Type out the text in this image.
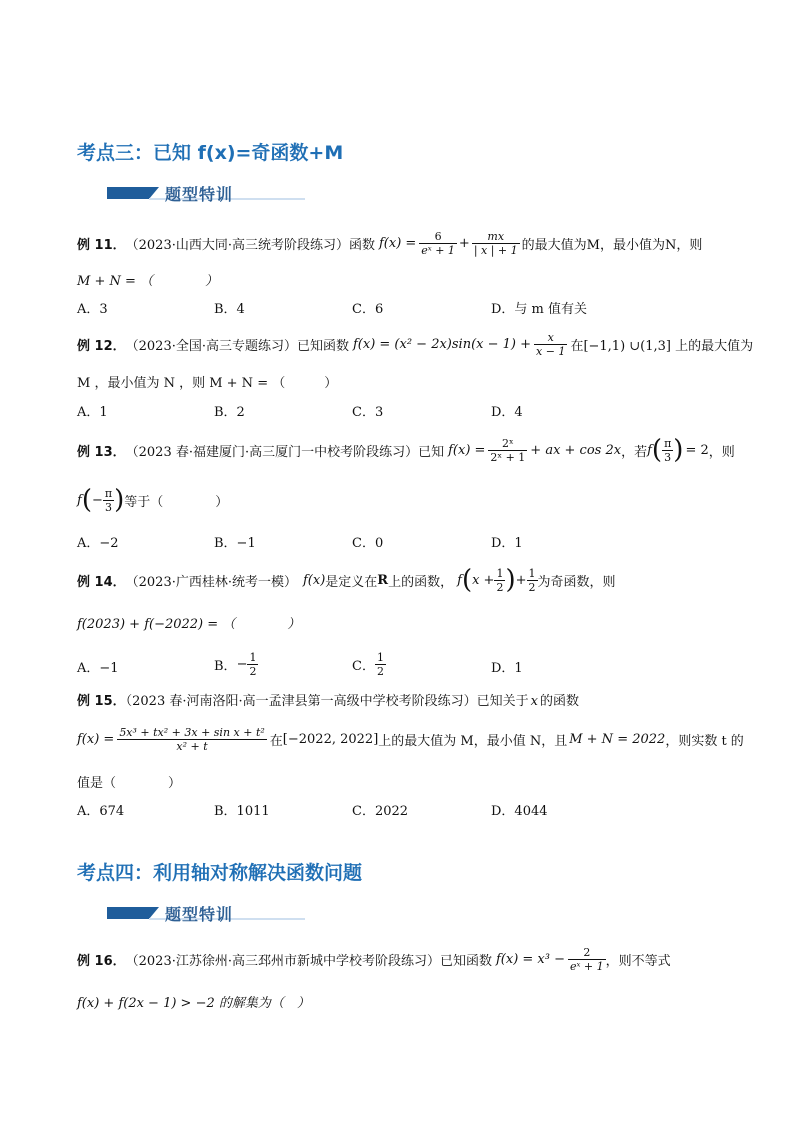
考点三：已知 f(x)=奇函数+M
题型特训
例 11． （2023·山西大同·高三统考阶段练习）函数 $f(x) = \frac{6}{\text{eˣ + 1}} + \frac{mx}{| x | + 1}$ 的最大值为M，最小值为N，则
M + N = （　　　　）
A．3	B．4	C．6	D．与 m 值有关
例 12． （2023·全国·高三专题练习）已知函数 $f(x) = (x^2 - 2x)\sin(x - 1) + \frac{x}{x - 1}$ 在[−1,1) ∪(1,3] 上的最大值为
M ，最小值为 N ，则 M + N = （　　　）
A．1	B．2	C．3	D．4
例 13． （2023 春·福建厦门·高三厦门一中校考阶段练习）已知 $f(x) = \frac{\text{2ˣ}}{\text{2ˣ + 1}}$ + ax + cos 2x ，若 f ( $\frac{\pi}{3}$ ) = 2 ，则
f ( − $\frac{\pi}{3}$ ) 等于（　　　　）
A．−2	B．−1	C．0	D．1
例 14． （2023·广西桂林·统考一模） f(x) 是定义在 R 上的函数， f ( $x + \frac{1}{2}$ ) + $\frac{1}{2}$ 为奇函数，则
f(2023) + f(−2022) = （　　　　）
A．−1	B． − $\frac{1}{2}$	C． $\frac{1}{2}$	D．1
例 15．（2023 春·河南洛阳·高一孟津县第一高级中学校考阶段练习）已知关于 x 的函数
$f(x) = \frac{\text{5x³ + tx² + 3x + sin x + t²}}{\text{x² + t}}$ 在 [−2022, 2022] 上的最大值为 M，最小值 N，且 M + N = 2022 ，则实数 t 的
值是（　　　　）
A．674	B．1011	C．2022	D．4044
考点四：利用轴对称解决函数问题
题型特训
例 16． （2023·江苏徐州·高三邳州市新城中学校考阶段练习）已知函数 $f(x) = x^3 - \frac{2}{\text{eˣ + 1}}$ ，则不等式
f(x) + f(2x − 1) > −2 的解集为（　）
